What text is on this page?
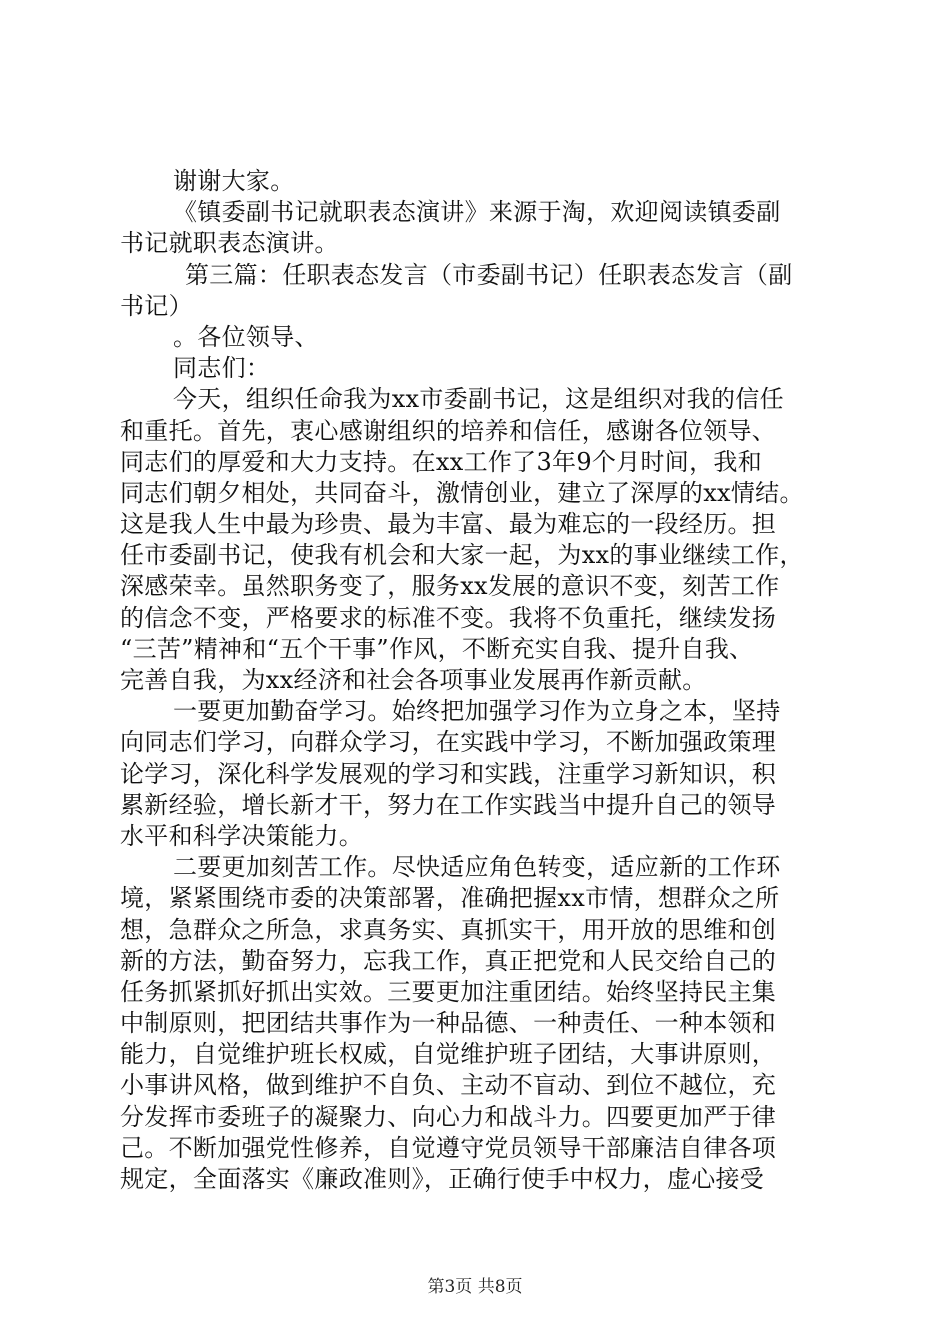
谢谢大家。
《镇委副书记就职表态演讲》来源于淘，欢迎阅读镇委副
书记就职表态演讲。
第三篇：任职表态发言（市委副书记）任职表态发言（副
书记）
。各位领导、
同志们：
今天，组织任命我为xx市委副书记，这是组织对我的信任
和重托。首先，衷心感谢组织的培养和信任，感谢各位领导、
同志们的厚爱和大力支持。在xx工作了3年9个月时间，我和
同志们朝夕相处，共同奋斗，激情创业，建立了深厚的xx情结。
这是我人生中最为珍贵、最为丰富、最为难忘的一段经历。担
任市委副书记，使我有机会和大家一起，为xx的事业继续工作，
深感荣幸。虽然职务变了，服务xx发展的意识不变，刻苦工作
的信念不变，严格要求的标准不变。我将不负重托，继续发扬
“三苦”精神和“五个干事”作风，不断充实自我、提升自我、
完善自我，为xx经济和社会各项事业发展再作新贡献。
一要更加勤奋学习。始终把加强学习作为立身之本，坚持
向同志们学习，向群众学习，在实践中学习，不断加强政策理
论学习，深化科学发展观的学习和实践，注重学习新知识，积
累新经验，增长新才干，努力在工作实践当中提升自己的领导
水平和科学决策能力。
二要更加刻苦工作。尽快适应角色转变，适应新的工作环
境，紧紧围绕市委的决策部署，准确把握xx市情，想群众之所
想，急群众之所急，求真务实、真抓实干，用开放的思维和创
新的方法，勤奋努力，忘我工作，真正把党和人民交给自己的
任务抓紧抓好抓出实效。三要更加注重团结。始终坚持民主集
中制原则，把团结共事作为一种品德、一种责任、一种本领和
能力，自觉维护班长权威，自觉维护班子团结，大事讲原则，
小事讲风格，做到维护不自负、主动不盲动、到位不越位，充
分发挥市委班子的凝聚力、向心力和战斗力。四要更加严于律
己。不断加强党性修养，自觉遵守党员领导干部廉洁自律各项
规定，全面落实《廉政准则》，正确行使手中权力，虚心接受
第3页 共8页
